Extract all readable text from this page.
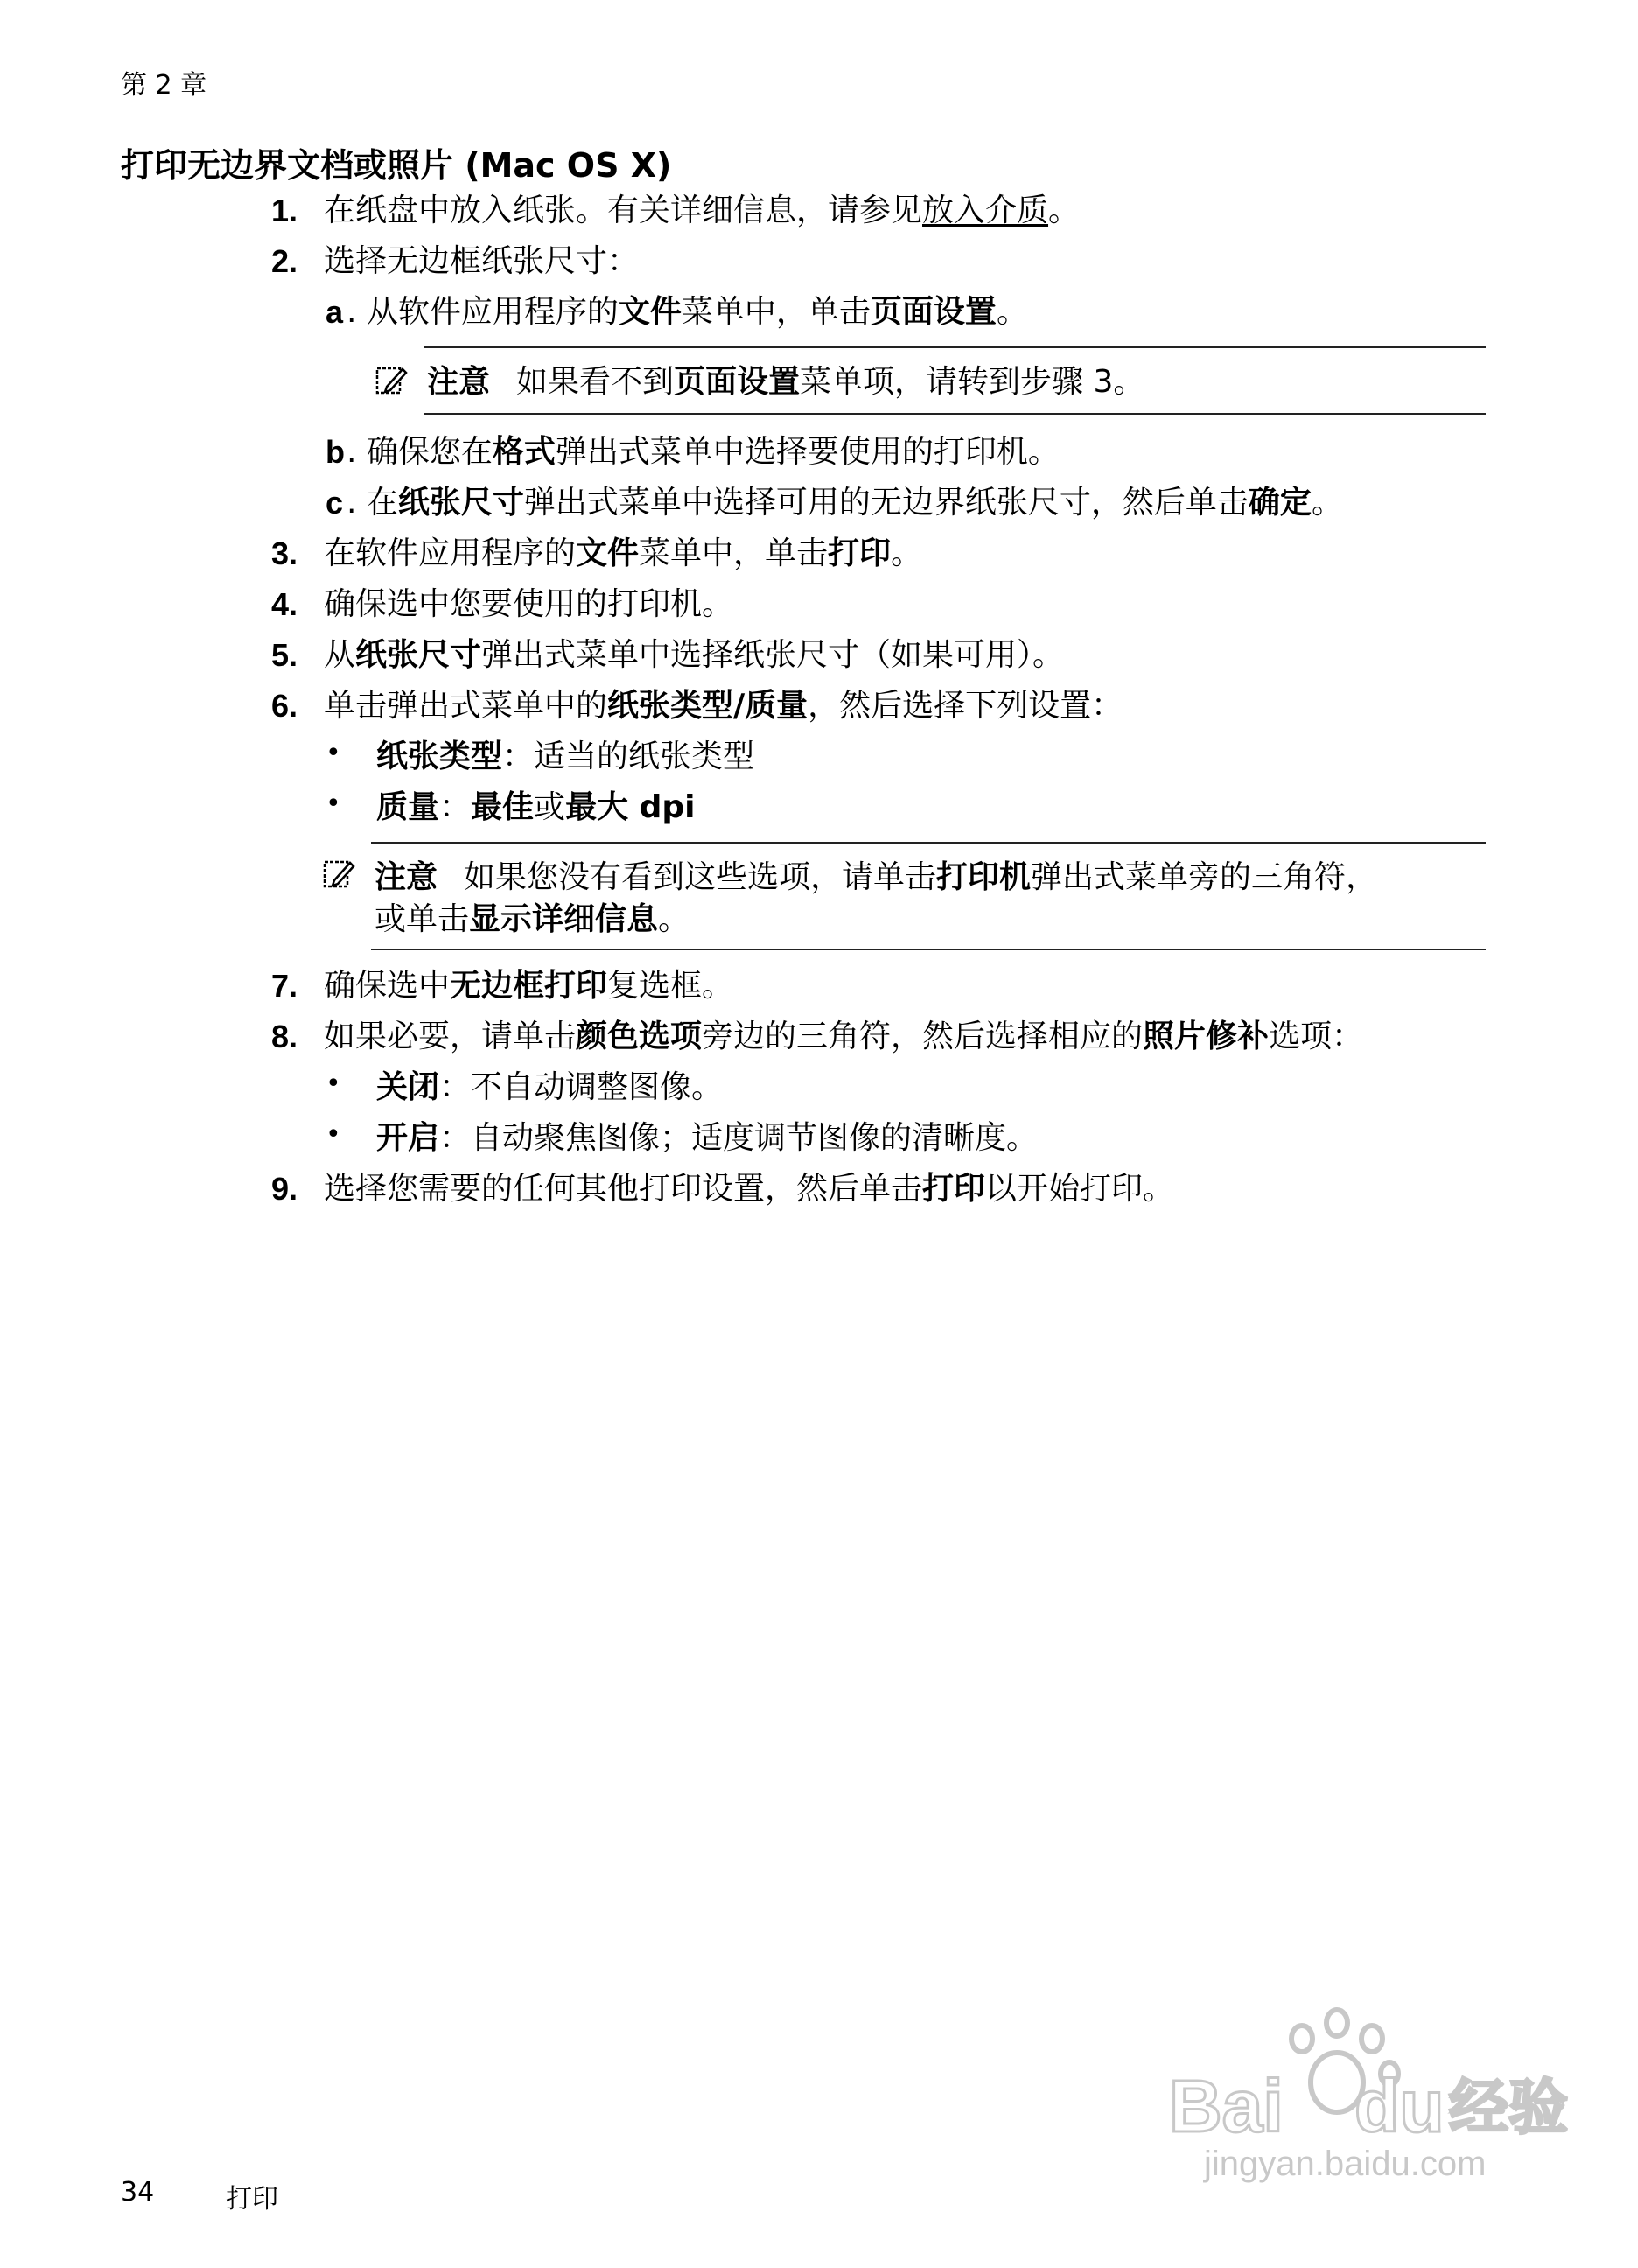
第 2 章
打印无边界文档或照片 (Mac OS X)
1. 在纸盘中放入纸张。有关详细信息，请参见放入介质。
2. 选择无边框纸张尺寸：
a . 从软件应用程序的文件菜单中，单击页面设置。
注意 如果看不到页面设置菜单项，请转到步骤 3。
b . 确保您在格式弹出式菜单中选择要使用的打印机。
c . 在纸张尺寸弹出式菜单中选择可用的无边界纸张尺寸，然后单击确定。
3. 在软件应用程序的文件菜单中，单击打印。
4. 确保选中您要使用的打印机。
5. 从纸张尺寸弹出式菜单中选择纸张尺寸（如果可用）。
6. 单击弹出式菜单中的纸张类型/质量，然后选择下列设置：
• 纸张类型：适当的纸张类型
• 质量：最佳或最大 dpi
注意 如果您没有看到这些选项，请单击打印机弹出式菜单旁的三角符，
或单击显示详细信息。
7. 确保选中无边框打印复选框。
8. 如果必要，请单击颜色选项旁边的三角符，然后选择相应的照片修补选项：
• 关闭：不自动调整图像。
• 开启：自动聚焦图像；适度调节图像的清晰度。
9. 选择您需要的任何其他打印设置，然后单击打印以开始打印。
34	打印
Bai du 经验
jingyan.baidu.com
